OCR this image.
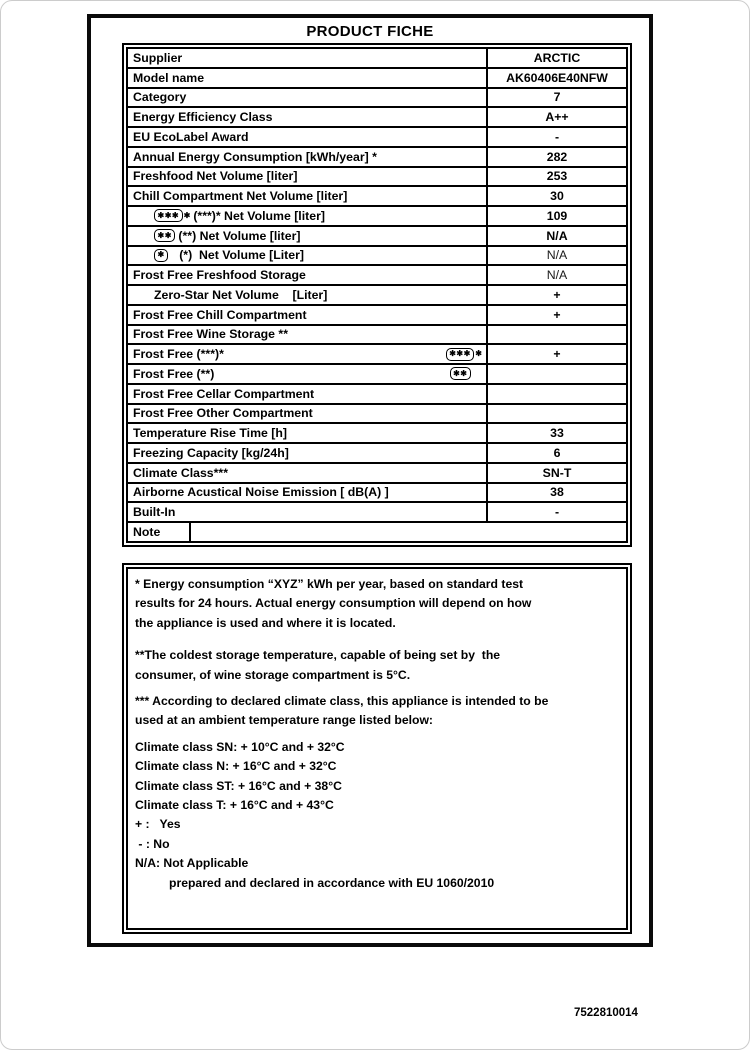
PRODUCT FICHE
Supplier	ARCTIC

Model name	AK60406E40NFW

Category	7

Energy Efficiency Class	A++

EU EcoLabel Award	-

Annual Energy Consumption [kWh/year] *	282

Freshfood Net Volume [liter]	253

Chill Compartment Net Volume [liter]	30

✱✱✱ ✱ (***)* Net Volume [liter]	109

✱✱ (**) Net Volume [liter]	N/A

✱ (*)  Net Volume [Liter]	N/A

Frost Free Freshfood Storage	N/A

Zero-Star Net Volume    [Liter]	+

Frost Free Chill Compartment	+

Frost Free Wine Storage **	

Frost Free (***)* ✱✱✱ ✱	+

Frost Free (**) ✱✱	

Frost Free Cellar Compartment	

Frost Free Other Compartment	

Temperature Rise Time [h]	33

Freezing Capacity [kg/24h]	6

Climate Class***	SN-T

Airborne Acustical Noise Emission [ dB(A) ]	38

Built-In	-

Note	
* Energy consumption “XYZ” kWh per year, based on standard test
results for 24 hours. Actual energy consumption will depend on how
the appliance is used and where it is located.
**The coldest storage temperature, capable of being set by  the
consumer, of wine storage compartment is 5°C.
*** According to declared climate class, this appliance is intended to be
used at an ambient temperature range listed below:
Climate class SN: + 10°C and + 32°C
Climate class N: + 16°C and + 32°C
Climate class ST: + 16°C and + 38°C
Climate class T: + 16°C and + 43°C
+ :   Yes
- : No
N/A: Not Applicable
prepared and declared in accordance with EU 1060/2010
7522810014
